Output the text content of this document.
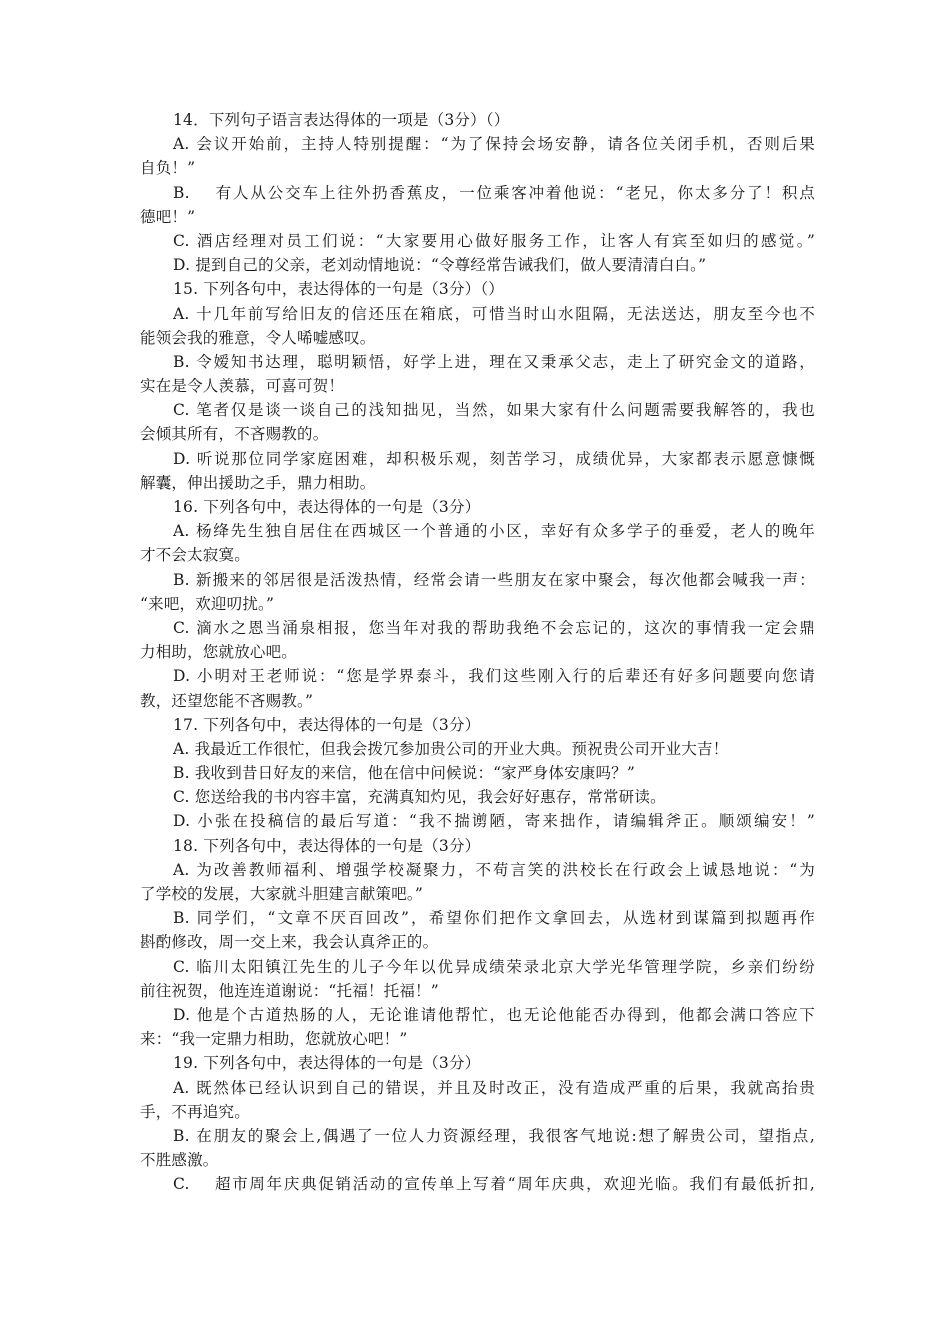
14．下列句子语言表达得体的一项是（3分）（）
A. 会议开始前，主持人特别提醒：“为了保持会场安静，请各位关闭手机，否则后果
自负！”
B.　 有人从公交车上往外扔香蕉皮，一位乘客冲着他说：“老兄，你太多分了！积点
德吧！”
C. 酒店经理对员工们说：“大家要用心做好服务工作，让客人有宾至如归的感觉。”
D. 提到自己的父亲，老刘动情地说：“令尊经常告诫我们，做人要清清白白。”
15. 下列各句中，表达得体的一句是（3分）（）
A. 十几年前写给旧友的信还压在箱底，可惜当时山水阻隔，无法送达，朋友至今也不
能领会我的雅意，令人唏嘘感叹。
B. 令嫒知书达理，聪明颖悟，好学上进，理在又秉承父志，走上了研究金文的道路，
实在是令人羡慕，可喜可贺！
C. 笔者仅是谈一谈自己的浅知拙见，当然，如果大家有什么问题需要我解答的，我也
会倾其所有，不吝赐教的。
D. 听说那位同学家庭困难，却积极乐观，刻苦学习，成绩优异，大家都表示愿意慷慨
解囊，伸出援助之手，鼎力相助。
16. 下列各句中，表达得体的一句是（3分）
A. 杨绛先生独自居住在西城区一个普通的小区，幸好有众多学子的垂爱，老人的晚年
才不会太寂寞。
B. 新搬来的邻居很是活泼热情，经常会请一些朋友在家中聚会，每次他都会喊我一声：
“来吧，欢迎叨扰。”
C. 滴水之恩当涌泉相报，您当年对我的帮助我绝不会忘记的，这次的事情我一定会鼎
力相助，您就放心吧。
D. 小明对王老师说：“您是学界泰斗，我们这些刚入行的后辈还有好多问题要向您请
教，还望您能不吝赐教。”
17. 下列各句中，表达得体的一句是（3分）
A. 我最近工作很忙，但我会拨冗参加贵公司的开业大典。预祝贵公司开业大吉！
B. 我收到昔日好友的来信，他在信中问候说：“家严身体安康吗？”
C. 您送给我的书内容丰富，充满真知灼见，我会好好惠存，常常研读。
D. 小张在投稿信的最后写道：“我不揣谫陋，寄来拙作，请编辑斧正。顺颂编安！”
18. 下列各句中，表达得体的一句是（3分）
A. 为改善教师福利、增强学校凝聚力，不苟言笑的洪校长在行政会上诚恳地说：“为
了学校的发展，大家就斗胆建言献策吧。”
B. 同学们，“文章不厌百回改”，希望你们把作文拿回去，从选材到谋篇到拟题再作
斟酌修改，周一交上来，我会认真斧正的。
C. 临川太阳镇江先生的儿子今年以优异成绩荣录北京大学光华管理学院，乡亲们纷纷
前往祝贺，他连连道谢说：“托福！托福！”
D. 他是个古道热肠的人，无论谁请他帮忙，也无论他能否办得到，他都会满口答应下
来：“我一定鼎力相助，您就放心吧！”
19. 下列各句中，表达得体的一句是（3分）
A. 既然体已经认识到自己的错误，并且及时改正，没有造成严重的后果，我就高抬贵
手，不再追究。
B. 在朋友的聚会上,偶遇了一位人力资源经理，我很客气地说:想了解贵公司，望指点,
不胜感激。
C.　 超市周年庆典促销活动的宣传单上写着“周年庆典，欢迎光临。我们有最低折扣,
